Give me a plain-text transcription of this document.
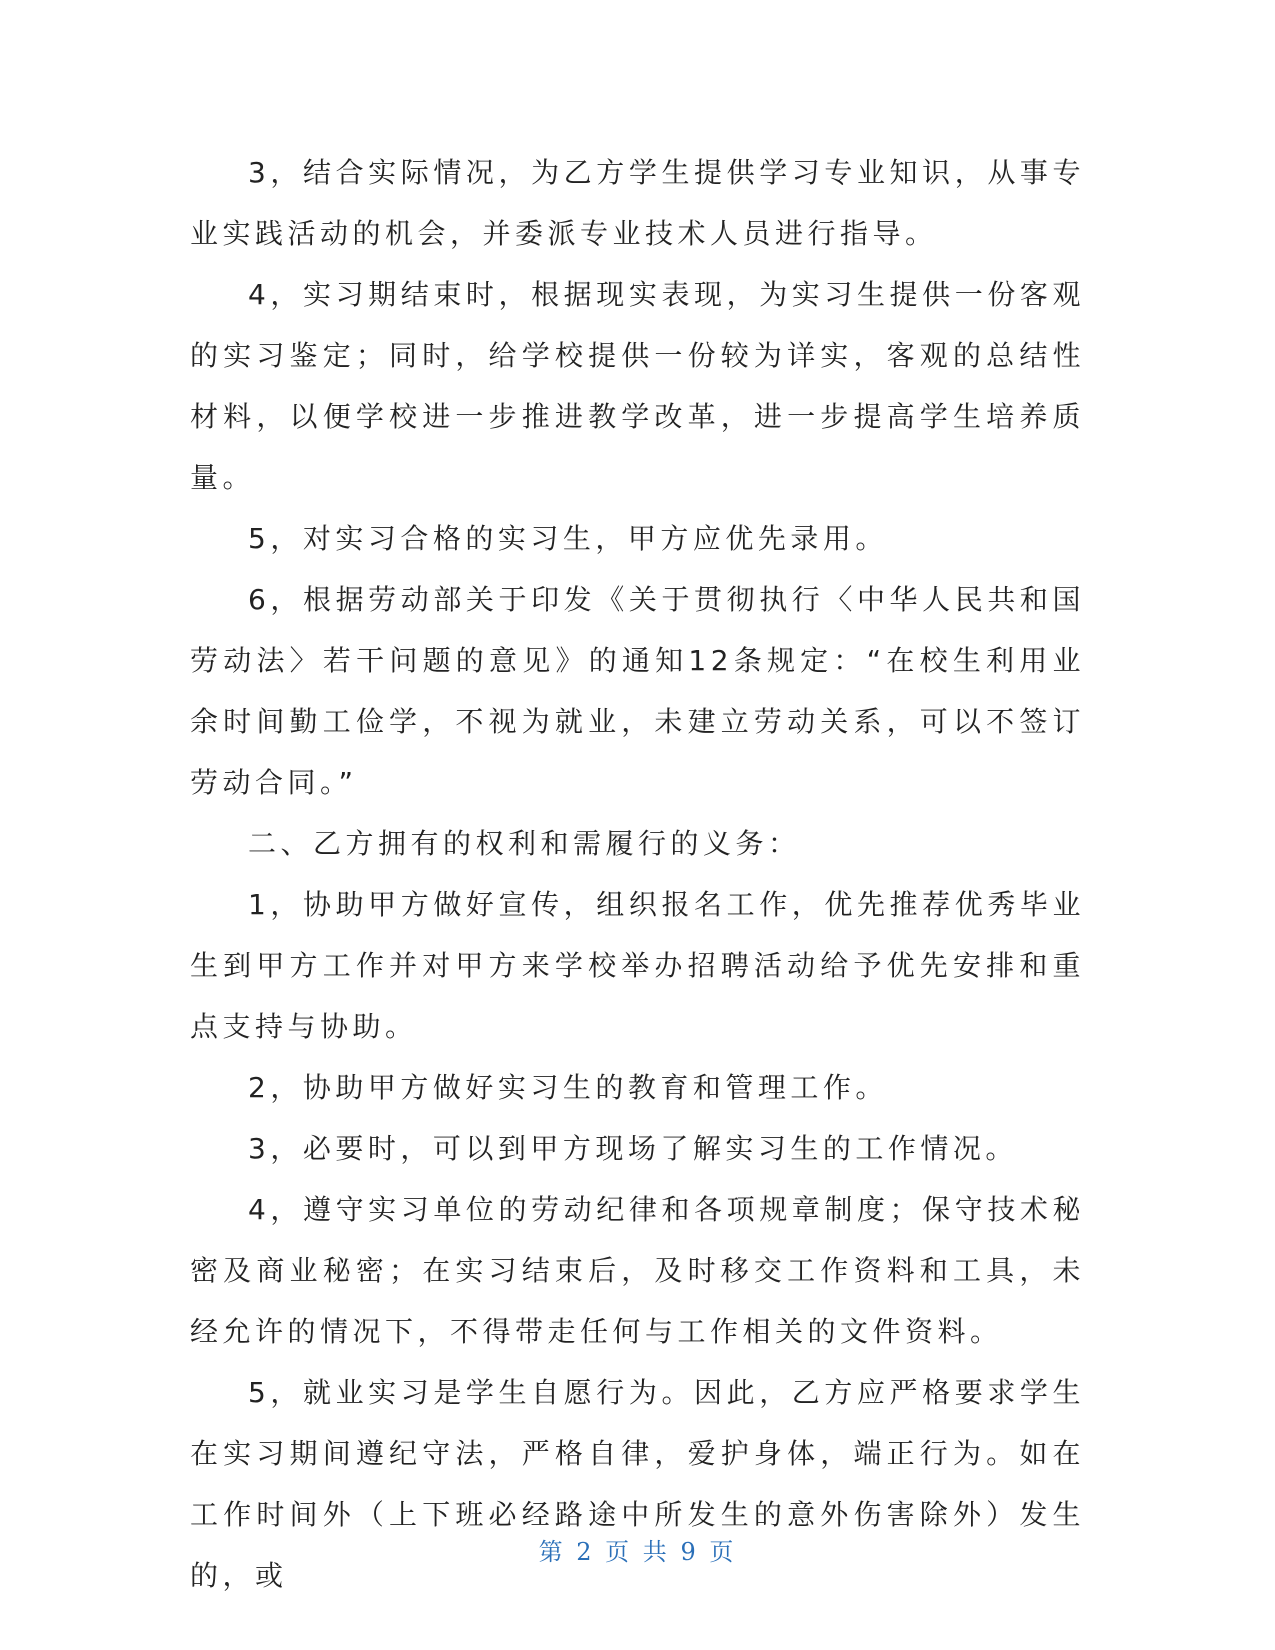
3，结合实际情况，为乙方学生提供学习专业知识，从事专业实践活动的机会，并委派专业技术人员进行指导。

4，实习期结束时，根据现实表现，为实习生提供一份客观的实习鉴定；同时，给学校提供一份较为详实，客观的总结性材料，以便学校进一步推进教学改革，进一步提高学生培养质量。

5，对实习合格的实习生，甲方应优先录用。

6，根据劳动部关于印发《关于贯彻执行〈中华人民共和国劳动法〉若干问题的意见》的通知12条规定：“在校生利用业余时间勤工俭学，不视为就业，未建立劳动关系，可以不签订劳动合同。”

二、乙方拥有的权利和需履行的义务：

1，协助甲方做好宣传，组织报名工作，优先推荐优秀毕业生到甲方工作并对甲方来学校举办招聘活动给予优先安排和重点支持与协助。

2，协助甲方做好实习生的教育和管理工作。

3，必要时，可以到甲方现场了解实习生的工作情况。

4，遵守实习单位的劳动纪律和各项规章制度；保守技术秘密及商业秘密；在实习结束后，及时移交工作资料和工具，未经允许的情况下，不得带走任何与工作相关的文件资料。

5，就业实习是学生自愿行为。因此，乙方应严格要求学生在实习期间遵纪守法，严格自律，爱护身体，端正行为。如在工作时间外（上下班必经路途中所发生的意外伤害除外）发生的，或

第 2 页 共 9 页
